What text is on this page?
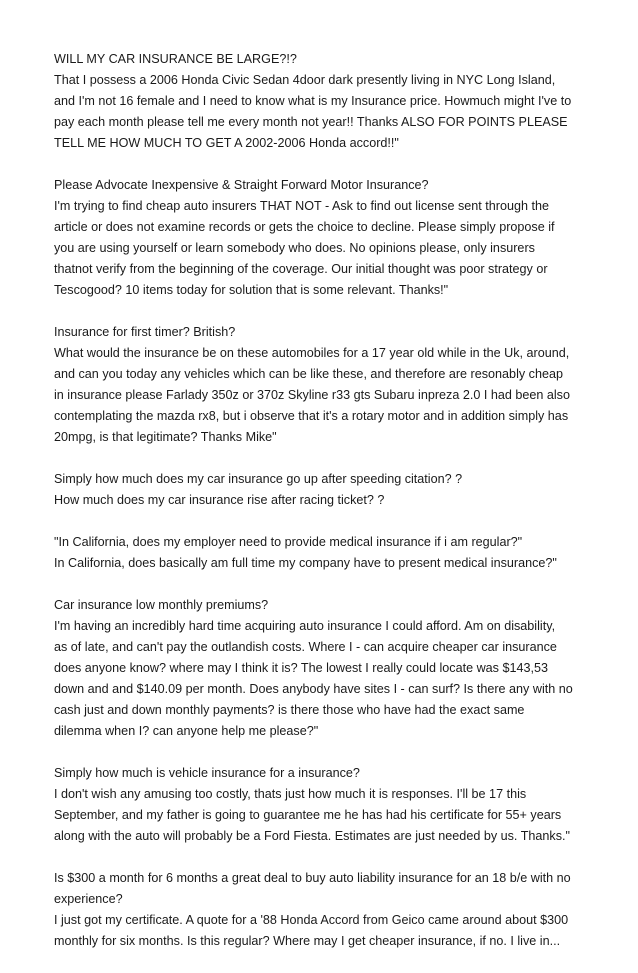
WILL MY CAR INSURANCE BE LARGE?!?
That I possess a 2006 Honda Civic Sedan 4door dark presently living in NYC Long Island,
and I'm not 16 female and I need to know what is my Insurance price. Howmuch might I've to
pay each month please tell me every month not year!! Thanks ALSO FOR POINTS PLEASE
TELL ME HOW MUCH TO GET A 2002-2006 Honda accord!!"
Please Advocate Inexpensive & Straight Forward Motor Insurance?
I'm trying to find cheap auto insurers THAT NOT - Ask to find out license sent through the
article or does not examine records or gets the choice to decline. Please simply propose if
you are using yourself or learn somebody who does. No opinions please, only insurers
thatnot verify from the beginning of the coverage. Our initial thought was poor strategy or
Tescogood? 10 items today for solution that is some relevant. Thanks!"
Insurance for first timer? British?
What would the insurance be on these automobiles for a 17 year old while in the Uk, around,
and can you today any vehicles which can be like these, and therefore are resonably cheap
in insurance please Farlady 350z or 370z Skyline r33 gts Subaru inpreza 2.0 I had been also
contemplating the mazda rx8, but i observe that it's a rotary motor and in addition simply has
20mpg, is that legitimate? Thanks Mike"
Simply how much does my car insurance go up after speeding citation? ?
How much does my car insurance rise after racing ticket? ?
"In California, does my employer need to provide medical insurance if i am regular?"
In California, does basically am full time my company have to present medical insurance?"
Car insurance low monthly premiums?
I'm having an incredibly hard time acquiring auto insurance I could afford. Am on disability,
as of late, and can't pay the outlandish costs. Where I - can acquire cheaper car insurance
does anyone know? where may I think it is? The lowest I really could locate was $143,53
down and and $140.09 per month. Does anybody have sites I - can surf? Is there any with no
cash just and down monthly payments? is there those who have had the exact same
dilemma when I? can anyone help me please?"
Simply how much is vehicle insurance for a insurance?
I don't wish any amusing too costly, thats just how much it is responses. I'll be 17 this
September, and my father is going to guarantee me he has had his certificate for 55+ years
along with the auto will probably be a Ford Fiesta. Estimates are just needed by us. Thanks."
Is $300 a month for 6 months a great deal to buy auto liability insurance for an 18 b/e with no
experience?
I just got my certificate. A quote for a '88 Honda Accord from Geico came around about $300
monthly for six months. Is this regular? Where may I get cheaper insurance, if no. I live in...
